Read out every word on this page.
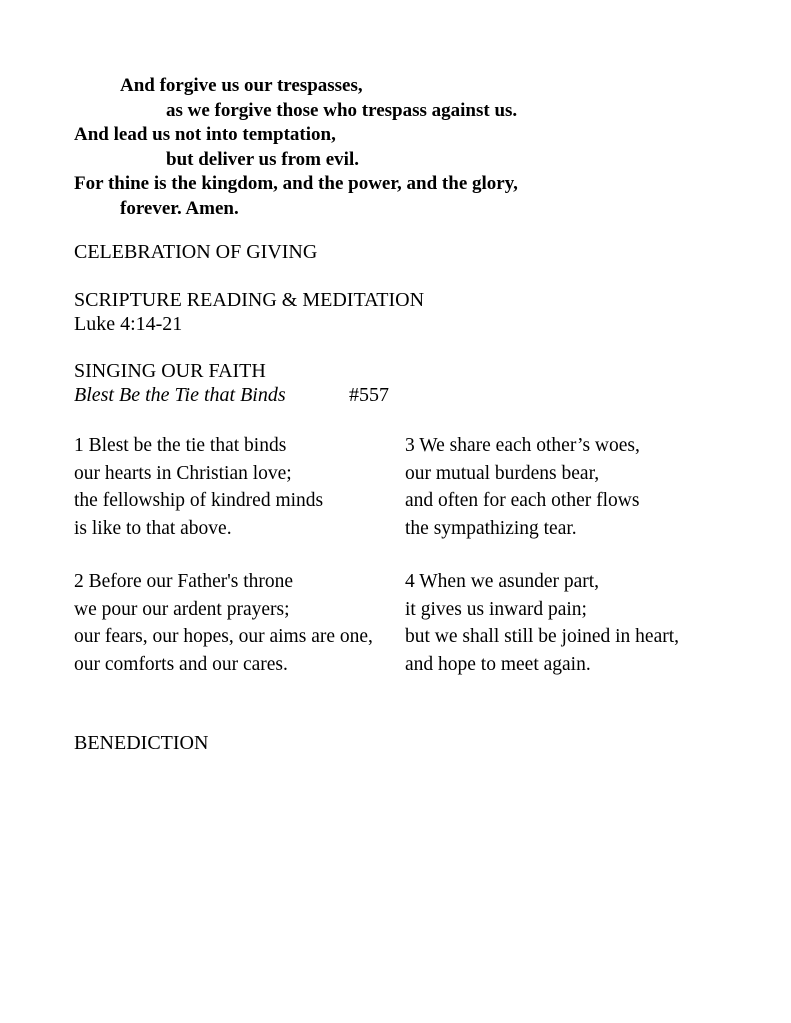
And forgive us our trespasses,
as we forgive those who trespass against us.
And lead us not into temptation,
but deliver us from evil.
For thine is the kingdom, and the power, and the glory,
forever. Amen.
CELEBRATION OF GIVING
SCRIPTURE READING & MEDITATION
Luke 4:14-21
SINGING OUR FAITH
Blest Be the Tie that Binds	#557
1 Blest be the tie that binds
our hearts in Christian love;
the fellowship of kindred minds
is like to that above.
2 Before our Father's throne
we pour our ardent prayers;
our fears, our hopes, our aims are one,
our comforts and our cares.
3 We share each other’s woes,
our mutual burdens bear,
and often for each other flows
the sympathizing tear.
4 When we asunder part,
it gives us inward pain;
but we shall still be joined in heart,
and hope to meet again.
BENEDICTION
